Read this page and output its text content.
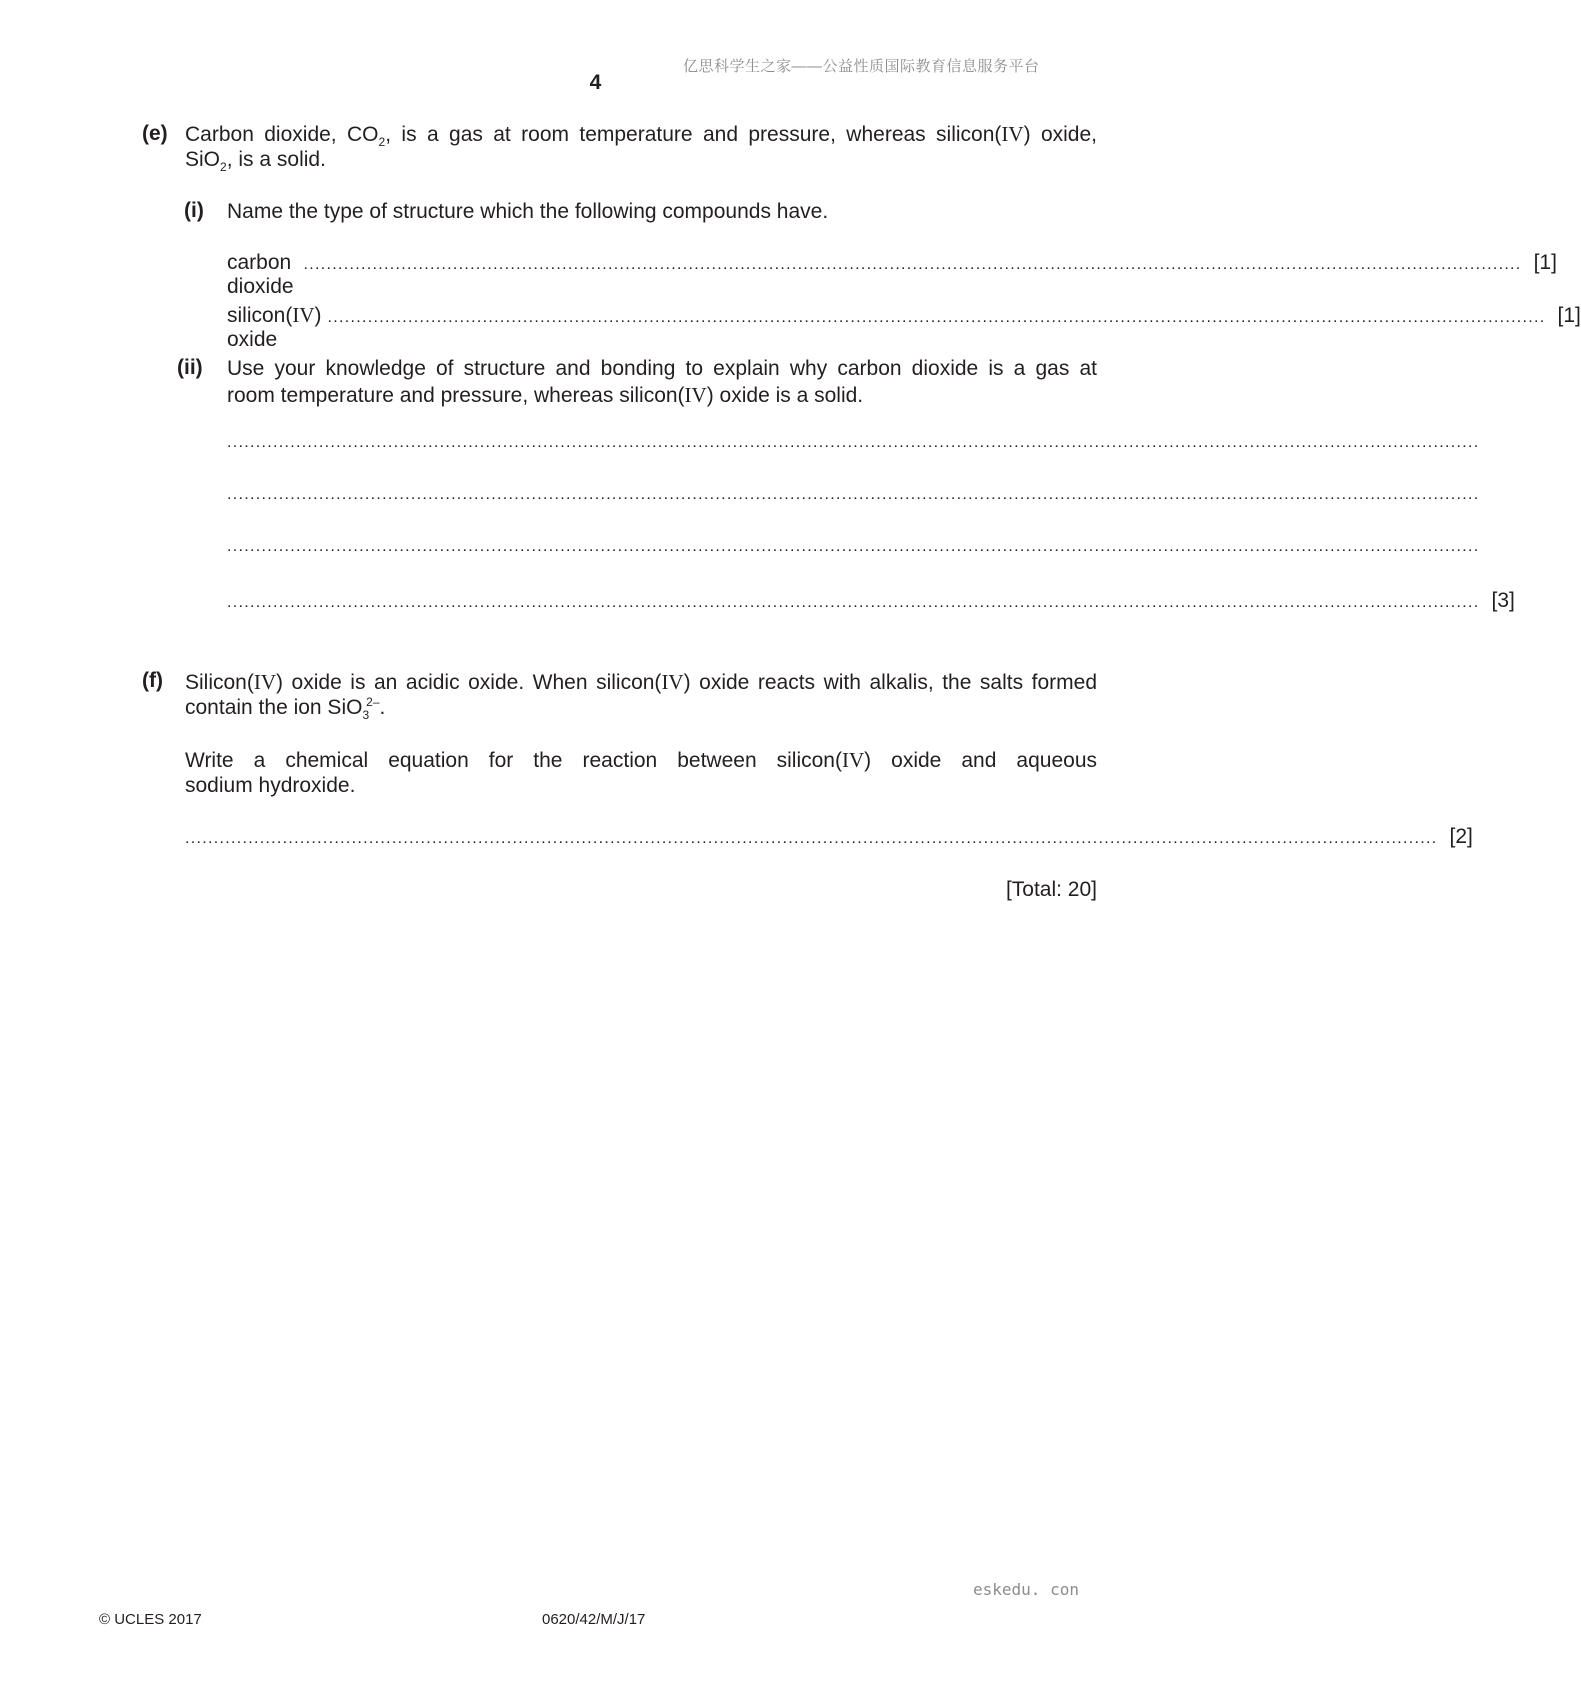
亿思科学生之家——公益性质国际教育信息服务平台
4
(e) Carbon dioxide, $CO_2$, is a gas at room temperature and pressure, whereas silicon(IV) oxide,
SiO$_2$, is a solid.
(i) Name the type of structure which the following compounds have.
carbon dioxide
.................................................................................................................................................................................................................... [1]
silicon(IV) oxide
.................................................................................................................................................................................................................... [1]
(ii) Use your knowledge of structure and bonding to explain why carbon dioxide is a gas at
room temperature and pressure, whereas silicon(IV) oxide is a solid.
..........................................................................................................................................................................................................................
..........................................................................................................................................................................................................................
..........................................................................................................................................................................................................................
.......................................................................................................................................................................................................................... [3]
(f) Silicon(IV) oxide is an acidic oxide. When silicon(IV) oxide reacts with alkalis, the salts formed
contain the ion SiO$_3^{2-}$.
Write a chemical equation for the reaction between silicon(IV) oxide and aqueous
sodium hydroxide.
.......................................................................................................................................................................................................................... [2]
[Total: 20]
eskedu. con
© UCLES 2017	0620/42/M/J/17
